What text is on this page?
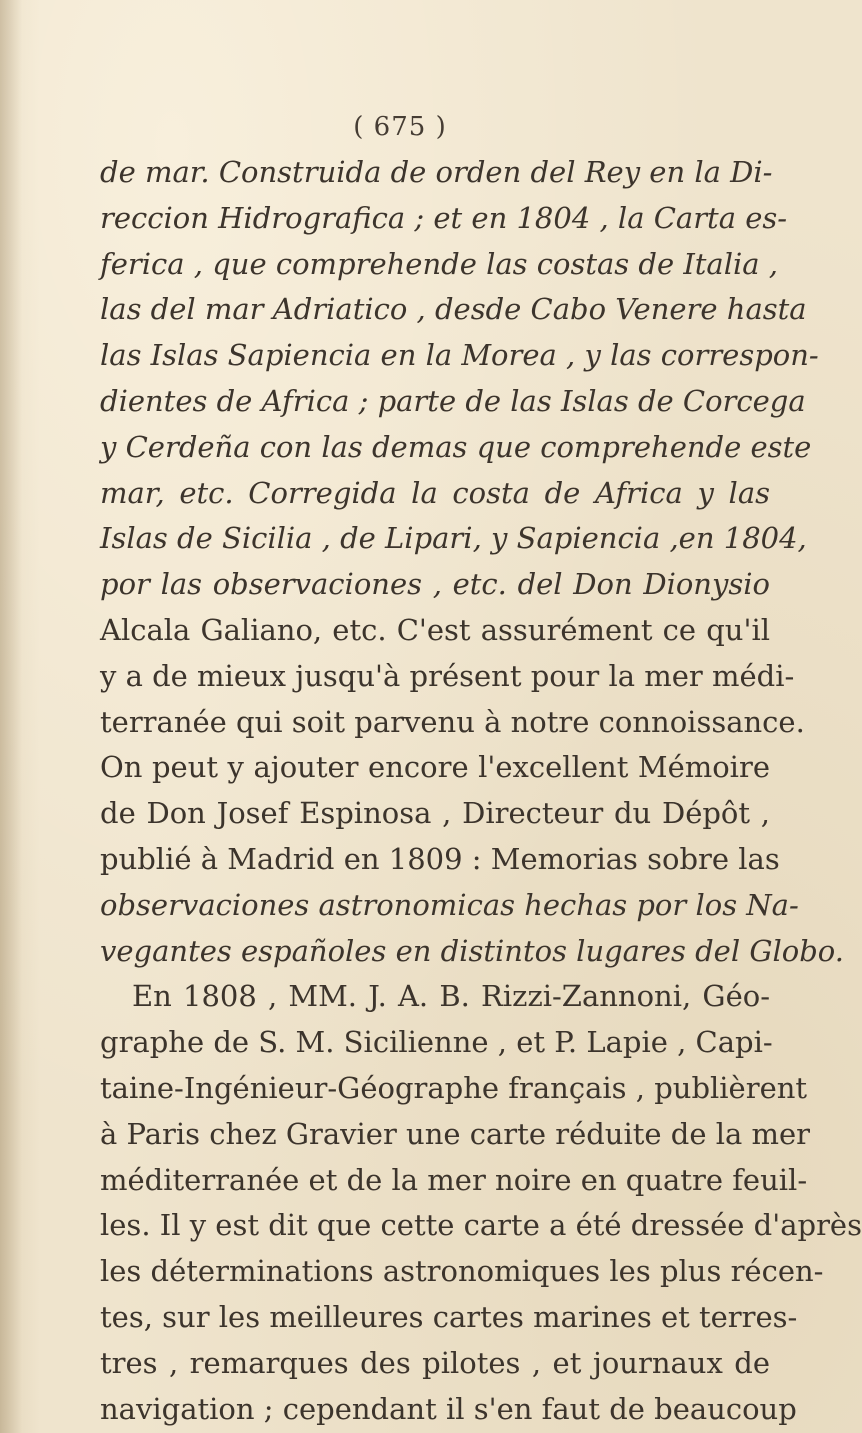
( 675 )
de mar. Construida de orden del Rey en la Di-
reccion Hidrografica ; et en 1804 , la Carta es-
ferica , que comprehende las costas de Italia ,
las del mar Adriatico , desde Cabo Venere hasta
las Islas Sapiencia en la Morea , y las correspon-
dientes de Africa ; parte de las Islas de Corcega
y Cerdeña con las demas que comprehende este
mar, etc. Corregida la costa de Africa y las
Islas de Sicilia , de Lipari, y Sapiencia ,en 1804,
por las observaciones , etc. del Don Dionysio
Alcala Galiano, etc. C'est assurément ce qu'il
y a de mieux jusqu'à présent pour la mer médi-
terranée qui soit parvenu à notre connoissance.
On peut y ajouter encore l'excellent Mémoire
de Don Josef Espinosa , Directeur du Dépôt ,
publié à Madrid en 1809 : Memorias sobre las
observaciones astronomicas hechas por los Na-
vegantes españoles en distintos lugares del Globo.
En 1808 , MM. J. A. B. Rizzi-Zannoni, Géo-
graphe de S. M. Sicilienne , et P. Lapie , Capi-
taine-Ingénieur-Géographe français , publièrent
à Paris chez Gravier une carte réduite de la mer
méditerranée et de la mer noire en quatre feuil-
les. Il y est dit que cette carte a été dressée d'après
les déterminations astronomiques les plus récen-
tes, sur les meilleures cartes marines et terres-
tres , remarques des pilotes , et journaux de
navigation ; cependant il s'en faut de beaucoup
